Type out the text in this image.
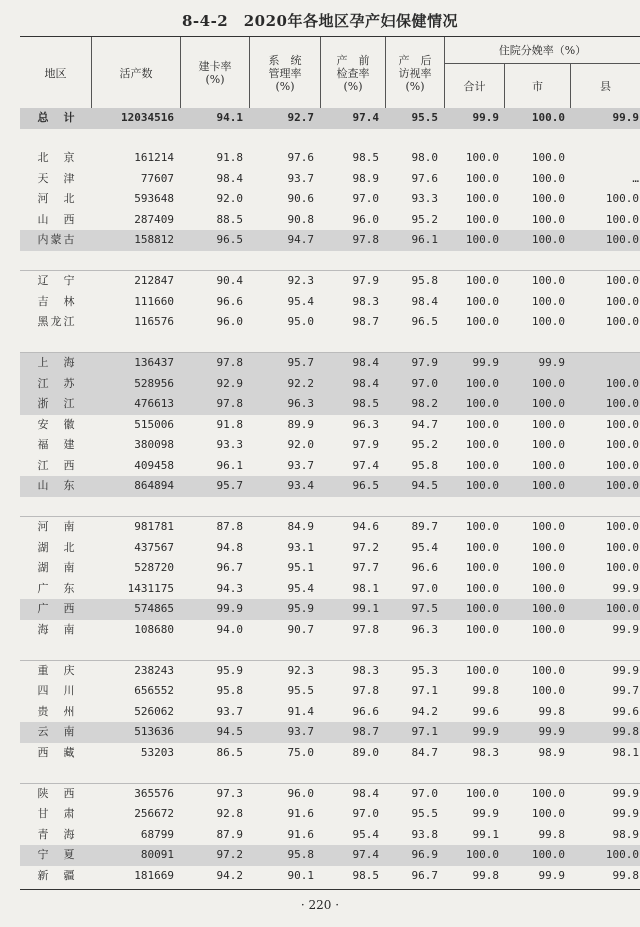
8-4-2　2020年各地区孕产妇保健情况
地区	活产数	建卡率
(%)
系　统
管理率
(%)
产　前
检查率
(%)
产　后
访视率
(%)
住院分娩率（%）
合计	市	县
总　计	12034516	94.1	92.7	97.4	95.5	99.9	100.0	99.9
北　京	161214	91.8	97.6	98.5	98.0	100.0	100.0
天　津	77607	98.4	93.7	98.9	97.6	100.0	100.0	…
河　北	593648	92.0	90.6	97.0	93.3	100.0	100.0	100.0
山　西	287409	88.5	90.8	96.0	95.2	100.0	100.0	100.0
内蒙古	158812	96.5	94.7	97.8	96.1	100.0	100.0	100.0
辽　宁	212847	90.4	92.3	97.9	95.8	100.0	100.0	100.0
吉　林	111660	96.6	95.4	98.3	98.4	100.0	100.0	100.0
黑龙江	116576	96.0	95.0	98.7	96.5	100.0	100.0	100.0
上　海	136437	97.8	95.7	98.4	97.9	99.9	99.9
江　苏	528956	92.9	92.2	98.4	97.0	100.0	100.0	100.0
浙　江	476613	97.8	96.3	98.5	98.2	100.0	100.0	100.0
安　徽	515006	91.8	89.9	96.3	94.7	100.0	100.0	100.0
福　建	380098	93.3	92.0	97.9	95.2	100.0	100.0	100.0
江　西	409458	96.1	93.7	97.4	95.8	100.0	100.0	100.0
山　东	864894	95.7	93.4	96.5	94.5	100.0	100.0	100.0
河　南	981781	87.8	84.9	94.6	89.7	100.0	100.0	100.0
湖　北	437567	94.8	93.1	97.2	95.4	100.0	100.0	100.0
湖　南	528720	96.7	95.1	97.7	96.6	100.0	100.0	100.0
广　东	1431175	94.3	95.4	98.1	97.0	100.0	100.0	99.9
广　西	574865	99.9	95.9	99.1	97.5	100.0	100.0	100.0
海　南	108680	94.0	90.7	97.8	96.3	100.0	100.0	99.9
重　庆	238243	95.9	92.3	98.3	95.3	100.0	100.0	99.9
四　川	656552	95.8	95.5	97.8	97.1	99.8	100.0	99.7
贵　州	526062	93.7	91.4	96.6	94.2	99.6	99.8	99.6
云　南	513636	94.5	93.7	98.7	97.1	99.9	99.9	99.8
西　藏	53203	86.5	75.0	89.0	84.7	98.3	98.9	98.1
陕　西	365576	97.3	96.0	98.4	97.0	100.0	100.0	99.9
甘　肃	256672	92.8	91.6	97.0	95.5	99.9	100.0	99.9
青　海	68799	87.9	91.6	95.4	93.8	99.1	99.8	98.9
宁　夏	80091	97.2	95.8	97.4	96.9	100.0	100.0	100.0
新　疆	181669	94.2	90.1	98.5	96.7	99.8	99.9	99.8
· 220 ·
